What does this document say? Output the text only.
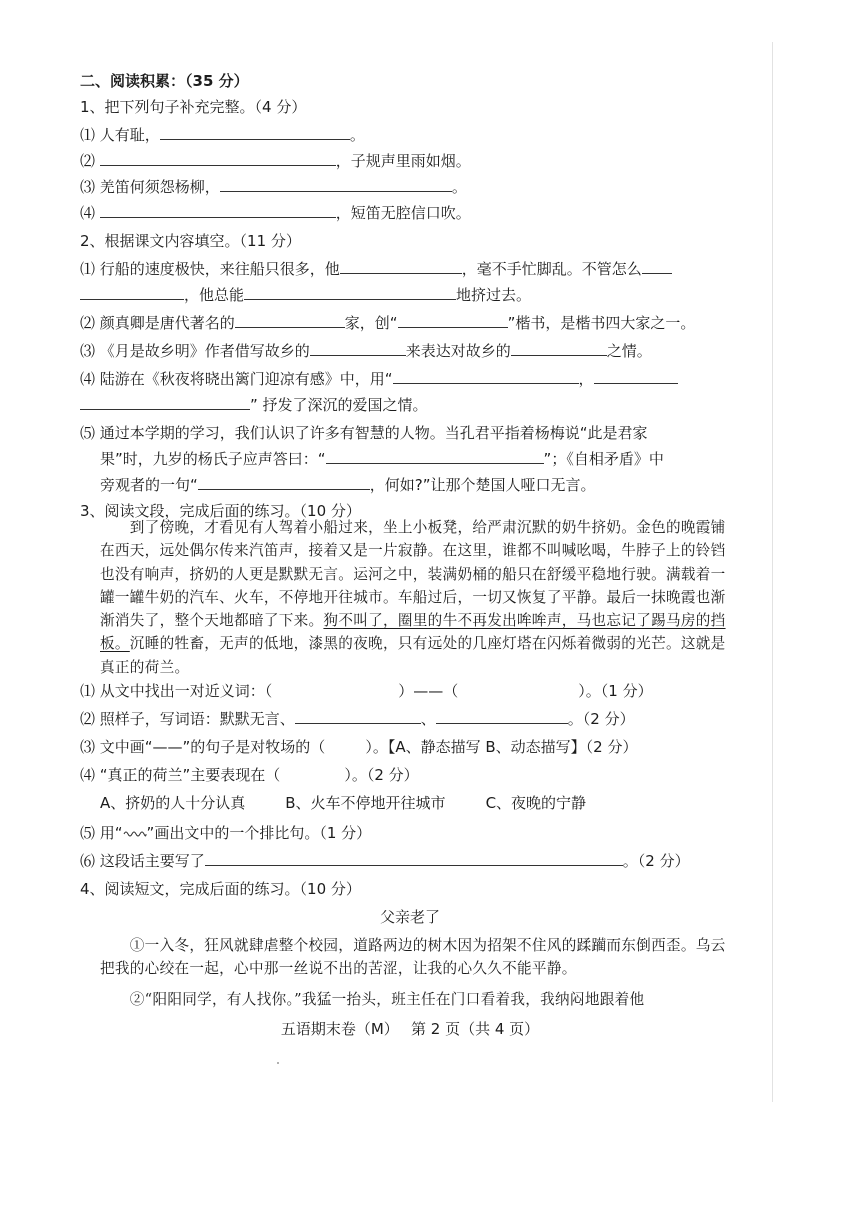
二、阅读积累：（35 分）
1、把下列句子补充完整。（4 分）
⑴ 人有耻，	。
⑵	，子规声里雨如烟。
⑶ 羌笛何须怨杨柳，	。
⑷	，短笛无腔信口吹。
2、根据课文内容填空。（11 分）
⑴ 行船的速度极快，来往船只很多，他	，毫不手忙脚乱。不管怎么
，他总能	地挤过去。
⑵ 颜真卿是唐代著名的	家，创“	”楷书，是楷书四大家之一。
⑶ 《月是故乡明》作者借写故乡的	来表达对故乡的	之情。
⑷ 陆游在《秋夜将晓出篱门迎凉有感》中，用“	，
” 抒发了深沉的爱国之情。
⑸ 通过本学期的学习，我们认识了许多有智慧的人物。当孔君平指着杨梅说“此是君家
果”时，九岁的杨氏子应声答曰：“	”；《自相矛盾》中
旁观者的一句“	，何如?”让那个楚国人哑口无言。
3、阅读文段，完成后面的练习。（10 分）

　　到了傍晚，才看见有人驾着小船过来，坐上小板凳，给严肃沉默的奶牛挤奶。金色的晚霞铺在西天，远处偶尔传来汽笛声，接着又是一片寂静。在这里，谁都不叫喊吆喝，牛脖子上的铃铛也没有响声，挤奶的人更是默默无言。运河之中，装满奶桶的船只在舒缓平稳地行驶。满载着一罐一罐牛奶的汽车、火车，不停地开往城市。车船过后，一切又恢复了平静。最后一抹晚霞也渐渐消失了，整个天地都暗了下来。狗不叫了，圈里的牛不再发出哞哞声，马也忘记了踢马房的挡板。沉睡的牲畜，无声的低地，漆黑的夜晚，只有远处的几座灯塔在闪烁着微弱的光芒。这就是真正的荷兰。

⑴ 从文中找出一对近义词：（	）——（	）。（1 分）
⑵ 照样子，写词语：默默无言、	、	。（2 分）
⑶ 文中画“——”的句子是对牧场的（	）。【A、静态描写 B、动态描写】（2 分）
⑷ “真正的荷兰”主要表现在（	）。（2 分）
A、挤奶的人十分认真	B、火车不停地开往城市	C、夜晚的宁静
⑸ 用“ ”画出文中的一个排比句。（1 分）
⑹ 这段话主要写了	。（2 分）
4、阅读短文，完成后面的练习。（10 分）
父亲老了

　　①一入冬，狂风就肆虐整个校园，道路两边的树木因为招架不住风的蹂躏而东倒西歪。乌云把我的心绞在一起，心中那一丝说不出的苦涩，让我的心久久不能平静。

　　②“阳阳同学，有人找你。”我猛一抬头，班主任在门口看着我，我纳闷地跟着他

五语期末卷（M）　 第 2 页（共 4 页）
